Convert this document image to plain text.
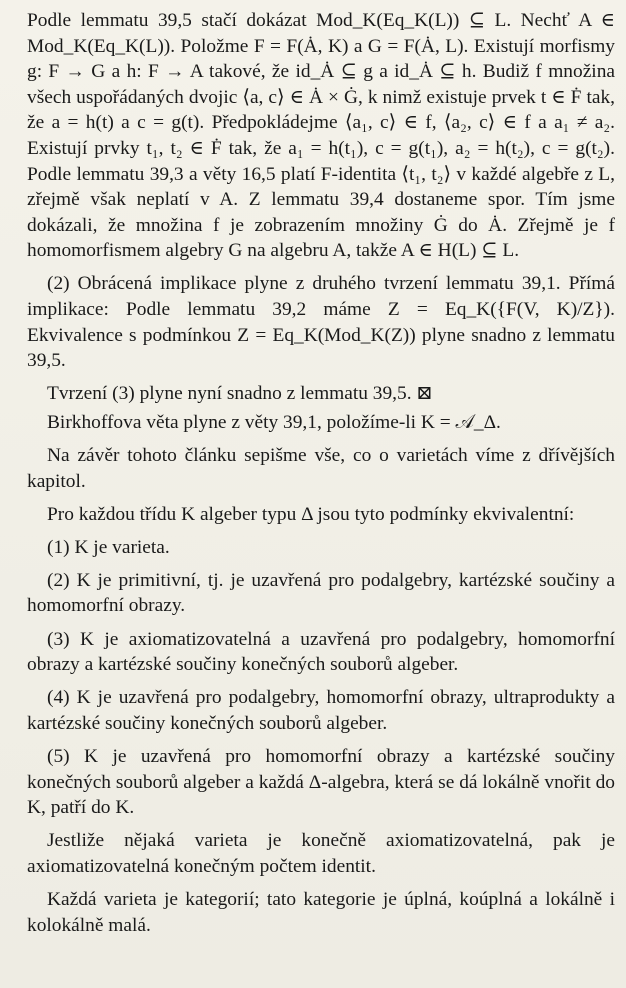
Podle lemmatu 39,5 stačí dokázat Mod_K(Eq_K(L)) ⊆ L. Nechť A ∈ Mod_K(Eq_K(L)). Položme F = F(Ȧ, K) a G = F(Ȧ, L). Existují morfismy g: F → G a h: F → A takové, že id_Ȧ ⊆ g a id_Ȧ ⊆ h. Budiž f množina všech uspořádaných dvojic ⟨a, c⟩ ∈ Ȧ × Ġ, k nimž existuje prvek t ∈ Ḟ tak, že a = h(t) a c = g(t). Předpokládejme ⟨a₁, c⟩ ∈ f, ⟨a₂, c⟩ ∈ f a a₁ ≠ a₂. Existují prvky t₁, t₂ ∈ Ḟ tak, že a₁ = h(t₁), c = g(t₁), a₂ = h(t₂), c = g(t₂). Podle lemmatu 39,3 a věty 16,5 platí F-identita ⟨t₁, t₂⟩ v každé algebře z L, zřejmě však neplatí v A. Z lemmatu 39,4 dostaneme spor. Tím jsme dokázali, že množina f je zobrazením množiny Ġ do Ȧ. Zřejmě je f homomorfismem algebry G na algebru A, takže A ∈ H(L) ⊆ L.

(2) Obrácená implikace plyne z druhého tvrzení lemmatu 39,1. Přímá implikace: Podle lemmatu 39,2 máme Z = Eq_K({F(V, K)/Z}). Ekvivalence s podmínkou Z = Eq_K(Mod_K(Z)) plyne snadno z lemmatu 39,5.

Tvrzení (3) plyne nyní snadno z lemmatu 39,5. ⊠

Birkhoffova věta plyne z věty 39,1, položíme-li K = 𝒜_Δ.

Na závěr tohoto článku sepišme vše, co o varietách víme z dřívějších kapitol.

Pro každou třídu K algeber typu Δ jsou tyto podmínky ekvivalentní:

(1) K je varieta.

(2) K je primitivní, tj. je uzavřená pro podalgebry, kartézské součiny a homomorfní obrazy.

(3) K je axiomatizovatelná a uzavřená pro podalgebry, homomorfní obrazy a kartézské součiny konečných souborů algeber.

(4) K je uzavřená pro podalgebry, homomorfní obrazy, ultraprodukty a kartézské součiny konečných souborů algeber.

(5) K je uzavřená pro homomorfní obrazy a kartézské součiny konečných souborů algeber a každá Δ-algebra, která se dá lokálně vnořit do K, patří do K.

Jestliže nějaká varieta je konečně axiomatizovatelná, pak je axiomatizovatelná konečným počtem identit.

Každá varieta je kategorií; tato kategorie je úplná, koúplná a lokálně i kolokálně malá.
